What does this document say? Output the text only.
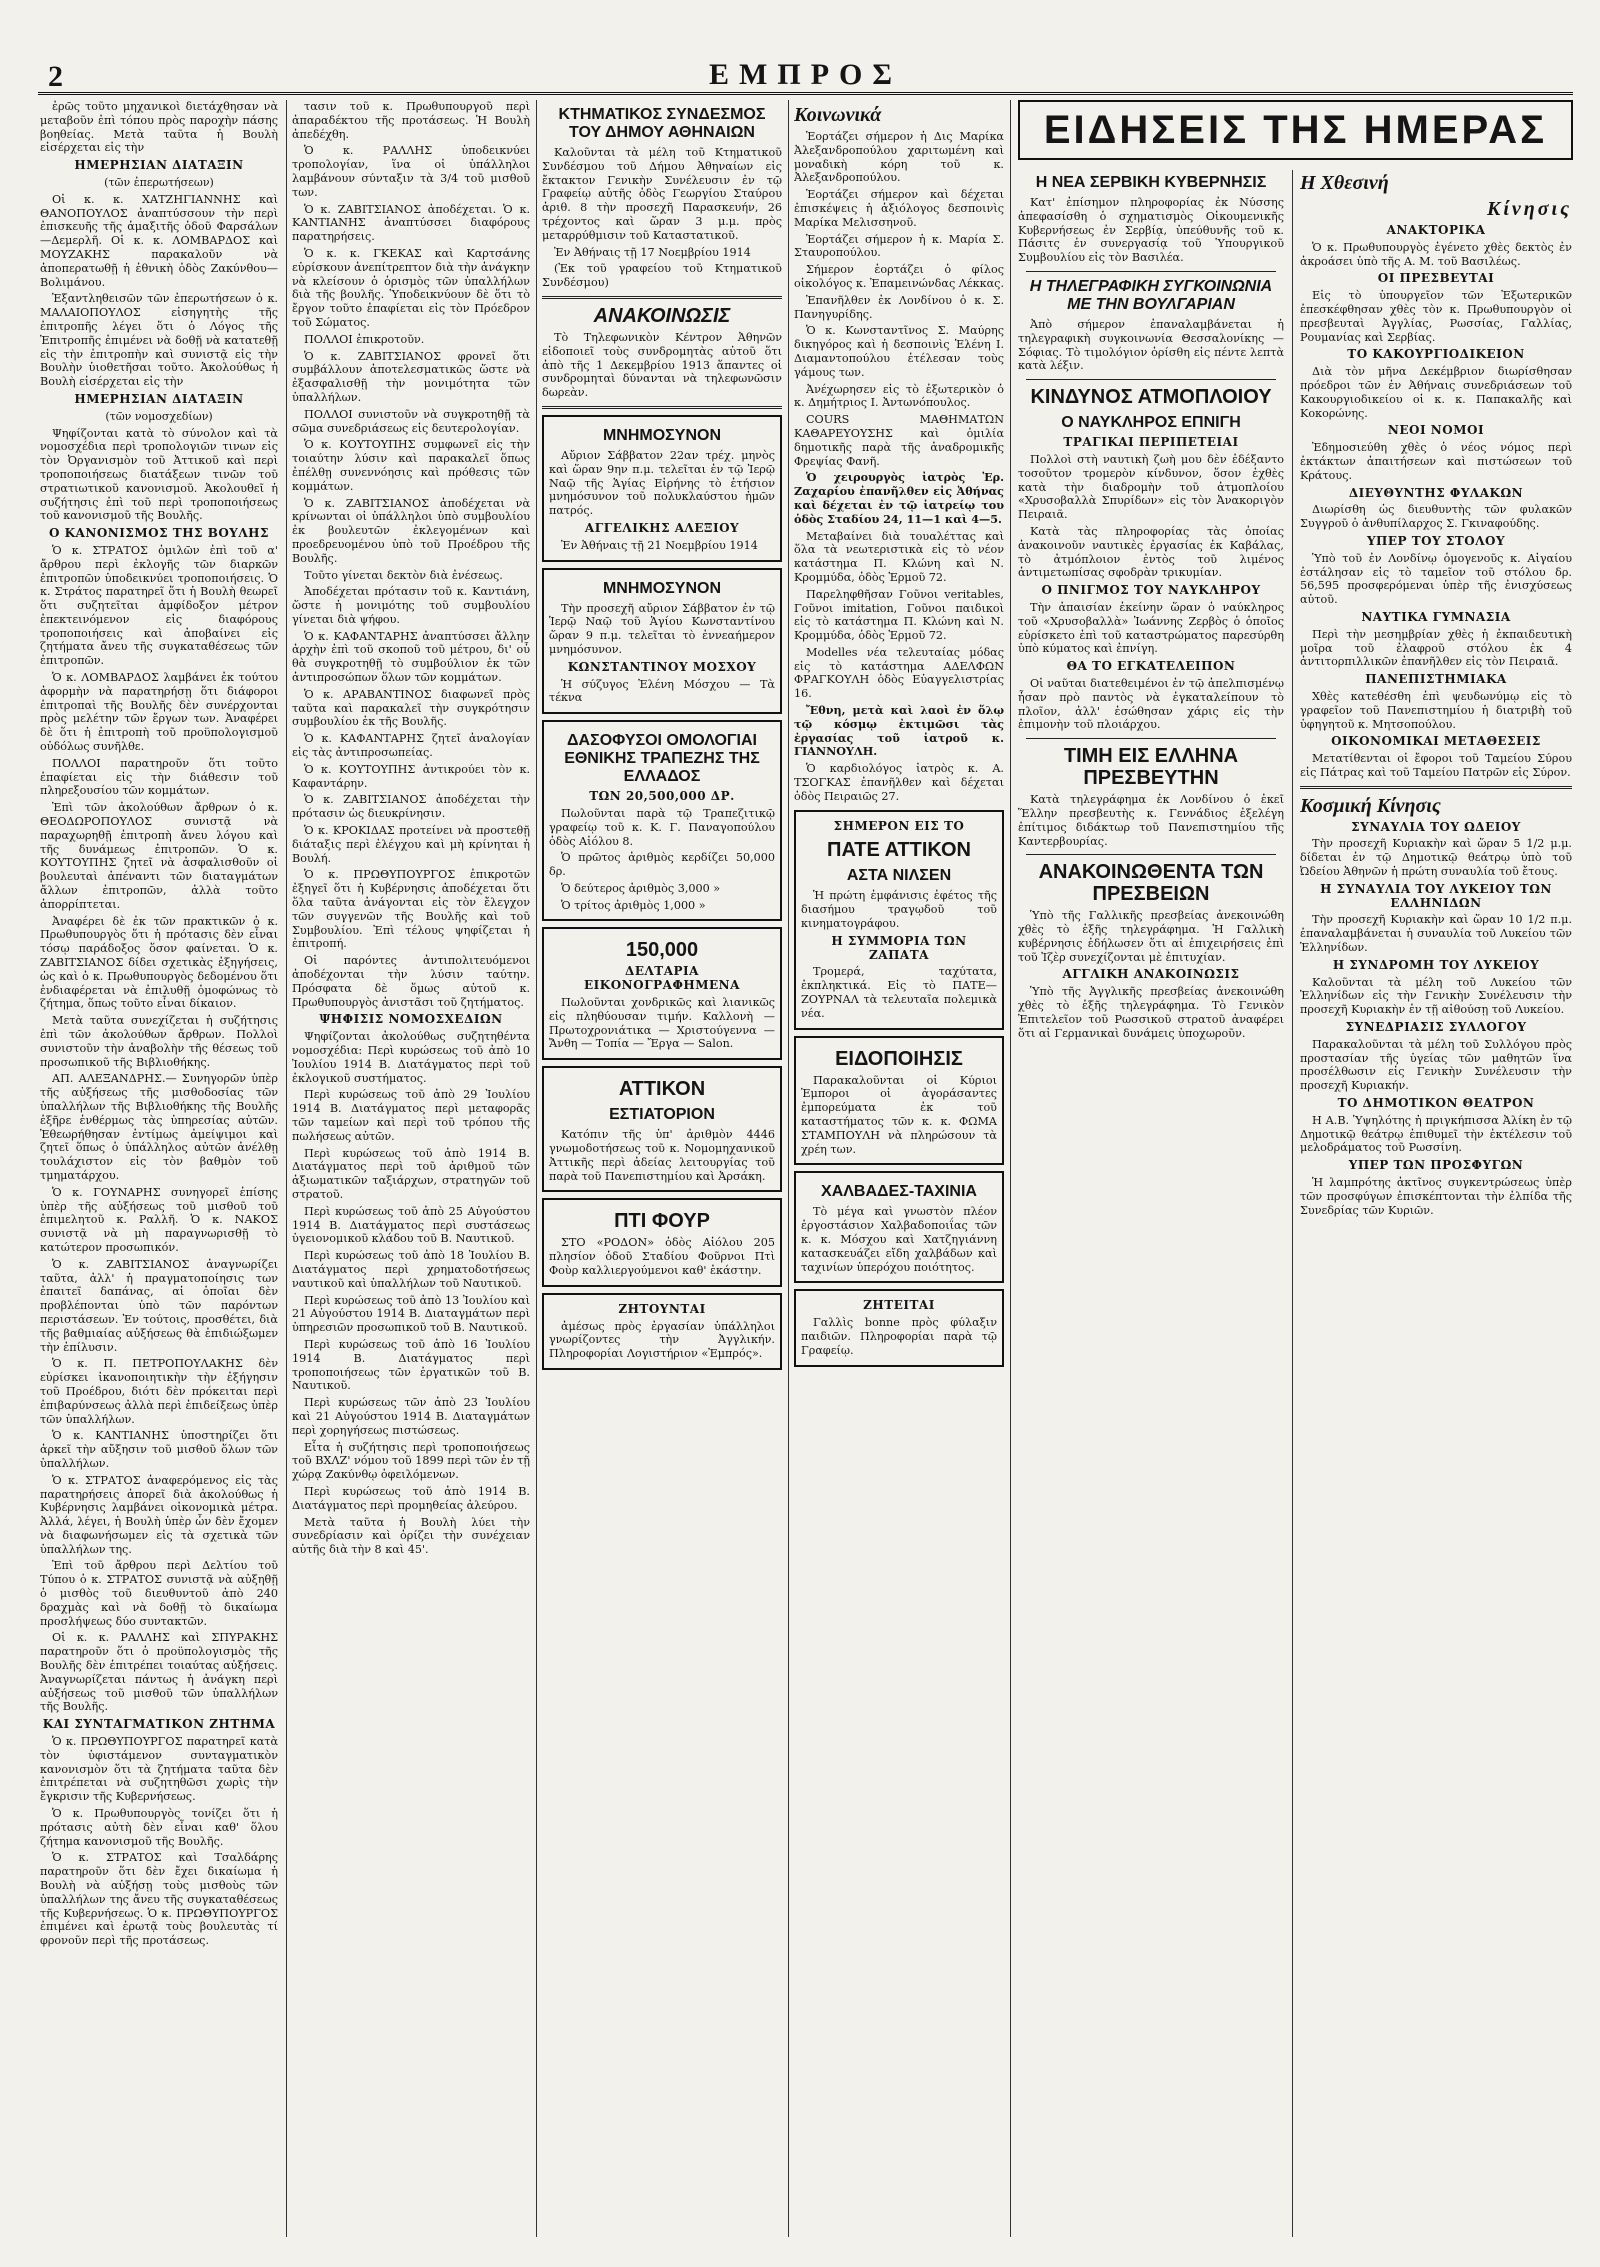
2	ΕΜΠΡΟΣ

ἐρῶς τοῦτο μηχανικοὶ διετάχθησαν νὰ μεταβοῦν ἐπὶ τόπου πρὸς παροχὴν πάσης βοηθείας. Μετὰ ταῦτα ἡ Βουλὴ εἰσέρχεται εἰς τὴν

ΗΜΕΡΗΣΙΑΝ ΔΙΑΤΑΞΙΝ
(τῶν ἐπερωτήσεων)

Οἱ κ. κ. ΧΑΤΖΗΓΙΑΝΝΗΣ καὶ ΘΑΝΟΠΟΥΛΟΣ ἀναπτύσσουν τὴν περὶ ἐπισκευῆς τῆς ἁμαξιτῆς ὁδοῦ Φαρσάλων—Δεμερλῆ. Οἱ κ. κ. ΛΟΜΒΑΡΔΟΣ καὶ ΜΟΥΖΑΚΗΣ παρακαλοῦν νὰ ἀποπερατωθῇ ἡ ἐθνικὴ ὁδὸς Ζακύνθου—Βολιμάνου.

Ἐξαντληθεισῶν τῶν ἐπερωτήσεων ὁ κ. ΜΑΛΑΙΟΠΟΥΛΟΣ εἰσηγητὴς τῆς ἐπιτροπῆς λέγει ὅτι ὁ Λόγος τῆς Ἐπιτροπῆς ἐπιμένει νὰ δοθῇ νὰ κατατεθῇ εἰς τὴν ἐπιτροπὴν καὶ συνιστᾷ εἰς τὴν Βουλὴν ὑιοθετῆσαι τοῦτο. Ἀκολούθως ἡ Βουλὴ εἰσέρχεται εἰς τὴν

ΗΜΕΡΗΣΙΑΝ ΔΙΑΤΑΞΙΝ
(τῶν νομοσχεδίων)

Ψηφίζονται κατὰ τὸ σύνολον καὶ τὰ νομοσχέδια περὶ τροπολογιῶν τινων εἰς τὸν Ὀργανισμὸν τοῦ Ἀττικοῦ καὶ περὶ τροποποιήσεως διατάξεων τινῶν τοῦ στρατιωτικοῦ κανονισμοῦ. Ἀκολουθεῖ ἡ συζήτησις ἐπὶ τοῦ περὶ τροποποιήσεως τοῦ κανονισμοῦ τῆς Βουλῆς.

Ο ΚΑΝΟΝΙΣΜΟΣ ΤΗΣ ΒΟΥΛΗΣ

Ὁ κ. ΣΤΡΑΤΟΣ ὁμιλῶν ἐπὶ τοῦ α' ἄρθρου περὶ ἐκλογῆς τῶν διαρκῶν ἐπιτροπῶν ὑποδεικνύει τροποποιήσεις. Ὁ κ. Στράτος παρατηρεῖ ὅτι ἡ Βουλὴ θεωρεῖ ὅτι συζητεῖται ἀμφίδοξον μέτρον ἐπεκτεινόμενον εἰς διαφόρους τροποποιήσεις καὶ ἀποβαίνει εἰς ζητήματα ἄνευ τῆς συγκαταθέσεως τῶν ἐπιτροπῶν.

Ὁ κ. ΛΟΜΒΑΡΔΟΣ λαμβάνει ἐκ τούτου ἀφορμὴν νὰ παρατηρήσῃ ὅτι διάφοροι ἐπιτροπαὶ τῆς Βουλῆς δὲν συνέρχονται πρὸς μελέτην τῶν ἔργων των. Ἀναφέρει δὲ ὅτι ἡ ἐπιτροπὴ τοῦ προϋπολογισμοῦ οὐδόλως συνῆλθε.

ΠΟΛΛΟΙ παρατηροῦν ὅτι τοῦτο ἐπαφίεται εἰς τὴν διάθεσιν τοῦ πληρεξουσίου τῶν κομμάτων.

Ἐπὶ τῶν ἀκολούθων ἄρθρων ὁ κ. ΘΕΟΔΩΡΟΠΟΥΛΟΣ συνιστᾷ νὰ παραχωρηθῇ ἐπιτροπὴ ἄνευ λόγου καὶ τῆς δυνάμεως ἐπιτροπῶν. Ὁ κ. ΚΟΥΤΟΥΠΗΣ ζητεῖ νὰ ἀσφαλισθοῦν οἱ βουλευταὶ ἀπέναντι τῶν διαταγμάτων ἄλλων ἐπιτροπῶν, ἀλλὰ τοῦτο ἀπορρίπτεται.

Ἀναφέρει δὲ ἐκ τῶν πρακτικῶν ὁ κ. Πρωθυπουργὸς ὅτι ἡ πρότασις δὲν εἶναι τόσῳ παράδοξος ὅσον φαίνεται. Ὁ κ. ΖΑΒΙΤΣΙΑΝΟΣ δίδει σχετικὰς ἐξηγήσεις, ὡς καὶ ὁ κ. Πρωθυπουργὸς δεδομένου ὅτι ἐνδιαφέρεται νὰ ἐπιλυθῇ ὁμοφώνως τὸ ζήτημα, ὅπως τοῦτο εἶναι δίκαιον.

Μετὰ ταῦτα συνεχίζεται ἡ συζήτησις ἐπὶ τῶν ἀκολούθων ἄρθρων. Πολλοὶ συνιστοῦν τὴν ἀναβολὴν τῆς θέσεως τοῦ προσωπικοῦ τῆς Βιβλιοθήκης.

ΑΠ. ΑΛΕΞΑΝΔΡΗΣ.— Συνηγορῶν ὑπὲρ τῆς αὐξήσεως τῆς μισθοδοσίας τῶν ὑπαλλήλων τῆς Βιβλιοθήκης τῆς Βουλῆς ἐξῆρε ἐνθέρμως τὰς ὑπηρεσίας αὐτῶν. Ἐθεωρήθησαν ἐντίμως ἀμείψιμοι καὶ ζητεῖ ὅπως ὁ ὑπάλληλος αὐτῶν ἀνέλθῃ τουλάχιστον εἰς τὸν βαθμὸν τοῦ τμηματάρχου.

Ὁ κ. ΓΟΥΝΑΡΗΣ συνηγορεῖ ἐπίσης ὑπὲρ τῆς αὐξήσεως τοῦ μισθοῦ τοῦ ἐπιμελητοῦ κ. Ραλλῆ. Ὁ κ. ΝΑΚΟΣ συνιστᾷ νὰ μὴ παραγνωρισθῇ τὸ κατώτερον προσωπικόν.

Ὁ κ. ΖΑΒΙΤΣΙΑΝΟΣ ἀναγνωρίζει ταῦτα, ἀλλ' ἡ πραγματοποίησις των ἐπαιτεῖ δαπάνας, αἱ ὁποῖαι δὲν προβλέπονται ὑπὸ τῶν παρόντων περιστάσεων. Ἐν τούτοις, προσθέτει, διὰ τῆς βαθμιαίας αὐξήσεως θὰ ἐπιδιώξωμεν τὴν ἐπίλυσιν.

Ὁ κ. Π. ΠΕΤΡΟΠΟΥΛΑΚΗΣ δὲν εὑρίσκει ἱκανοποιητικὴν τὴν ἐξήγησιν τοῦ Προέδρου, διότι δὲν πρόκειται περὶ ἐπιβαρύνσεως ἀλλὰ περὶ ἐπιδείξεως ὑπὲρ τῶν ὑπαλλήλων.

Ὁ κ. ΚΑΝΤΙΑΝΗΣ ὑποστηρίζει ὅτι ἀρκεῖ τὴν αὔξησιν τοῦ μισθοῦ ὅλων τῶν ὑπαλλήλων.

Ὁ κ. ΣΤΡΑΤΟΣ ἀναφερόμενος εἰς τὰς παρατηρήσεις ἀπορεῖ διὰ ἀκολούθως ἡ Κυβέρνησις λαμβάνει οἰκονομικὰ μέτρα. Ἀλλά, λέγει, ἡ Βουλὴ ὑπὲρ ὧν δὲν ἔχομεν νὰ διαφωνήσωμεν εἰς τὰ σχετικὰ τῶν ὑπαλλήλων της.

Ἐπὶ τοῦ ἄρθρου περὶ Δελτίου τοῦ Τύπου ὁ κ. ΣΤΡΑΤΟΣ συνιστᾷ νὰ αὐξηθῇ ὁ μισθὸς τοῦ διευθυντοῦ ἀπὸ 240 δραχμὰς καὶ νὰ δοθῇ τὸ δικαίωμα προσλήψεως δύο συντακτῶν.

Οἱ κ. κ. ΡΑΛΛΗΣ καὶ ΣΠΥΡΑΚΗΣ παρατηροῦν ὅτι ὁ προϋπολογισμὸς τῆς Βουλῆς δὲν ἐπιτρέπει τοιαύτας αὐξήσεις. Ἀναγνωρίζεται πάντως ἡ ἀνάγκη περὶ αὐξήσεως τοῦ μισθοῦ τῶν ὑπαλλήλων τῆς Βουλῆς.

ΚΑΙ ΣΥΝΤΑΓΜΑΤΙΚΟΝ ΖΗΤΗΜΑ

Ὁ κ. ΠΡΩΘΥΠΟΥΡΓΟΣ παρατηρεῖ κατὰ τὸν ὑφιστάμενον συνταγματικὸν κανονισμὸν ὅτι τὰ ζητήματα ταῦτα δὲν ἐπιτρέπεται νὰ συζητηθῶσι χωρὶς τὴν ἔγκρισιν τῆς Κυβερνήσεως.

Ὁ κ. Πρωθυπουργὸς τονίζει ὅτι ἡ πρότασις αὐτὴ δὲν εἶναι καθ' ὅλου ζήτημα κανονισμοῦ τῆς Βουλῆς.

Ὁ κ. ΣΤΡΑΤΟΣ καὶ Τσαλδάρης παρατηροῦν ὅτι δὲν ἔχει δικαίωμα ἡ Βουλὴ νὰ αὐξήσῃ τοὺς μισθοὺς τῶν ὑπαλλήλων της ἄνευ τῆς συγκαταθέσεως τῆς Κυβερνήσεως. Ὁ κ. ΠΡΩΘΥΠΟΥΡΓΟΣ ἐπιμένει καὶ ἐρωτᾷ τοὺς βουλευτὰς τί φρονοῦν περὶ τῆς προτάσεως.

τασιν τοῦ κ. Πρωθυπουργοῦ περὶ ἀπαραδέκτου τῆς προτάσεως. Ἡ Βουλὴ ἀπεδέχθη.

Ὁ κ. ΡΑΛΛΗΣ ὑποδεικνύει τροπολογίαν, ἵνα οἱ ὑπάλληλοι λαμβάνουν σύνταξιν τὰ 3/4 τοῦ μισθοῦ των.

Ὁ κ. ΖΑΒΙΤΣΙΑΝΟΣ ἀποδέχεται. Ὁ κ. ΚΑΝΤΙΑΝΗΣ ἀναπτύσσει διαφόρους παρατηρήσεις.

Ὁ κ. κ. ΓΚΕΚΑΣ καὶ Καρτσάνης εὑρίσκουν ἀνεπίτρεπτον διὰ τὴν ἀνάγκην νὰ κλείσουν ὁ ὁρισμὸς τῶν ὑπαλλήλων διὰ τῆς βουλῆς. Ὑποδεικνύουν δὲ ὅτι τὸ ἔργον τοῦτο ἐπαφίεται εἰς τὸν Πρόεδρον τοῦ Σώματος.

ΠΟΛΛΟΙ ἐπικροτοῦν.

Ὁ κ. ΖΑΒΙΤΣΙΑΝΟΣ φρονεῖ ὅτι συμβάλλουν ἀποτελεσματικῶς ὥστε νὰ ἐξασφαλισθῇ τὴν μονιμότητα τῶν ὑπαλλήλων.

ΠΟΛΛΟΙ συνιστοῦν νὰ συγκροτηθῇ τὰ σῶμα συνεδριάσεως εἰς δευτερολογίαν.

Ὁ κ. ΚΟΥΤΟΥΠΗΣ συμφωνεῖ εἰς τὴν τοιαύτην λύσιν καὶ παρακαλεῖ ὅπως ἐπέλθῃ συνεννόησις καὶ πρόθεσις τῶν κομμάτων.

Ὁ κ. ΖΑΒΙΤΣΙΑΝΟΣ ἀποδέχεται νὰ κρίνωνται οἱ ὑπάλληλοι ὑπὸ συμβουλίου ἐκ βουλευτῶν ἐκλεγομένων καὶ προεδρευομένου ὑπὸ τοῦ Προέδρου τῆς Βουλῆς.

Τοῦτο γίνεται δεκτὸν διὰ ἐνέσεως.

Ἀποδέχεται πρότασιν τοῦ κ. Καντιάνη, ὥστε ἡ μονιμότης τοῦ συμβουλίου γίνεται διὰ ψήφου.

Ὁ κ. ΚΑΦΑΝΤΑΡΗΣ ἀναπτύσσει ἄλλην ἀρχὴν ἐπὶ τοῦ σκοποῦ τοῦ μέτρου, δι' οὗ θὰ συγκροτηθῇ τὸ συμβούλιον ἐκ τῶν ἀντιπροσώπων ὅλων τῶν κομμάτων.

Ὁ κ. ΑΡΑΒΑΝΤΙΝΟΣ διαφωνεῖ πρὸς ταῦτα καὶ παρακαλεῖ τὴν συγκρότησιν συμβουλίου ἐκ τῆς Βουλῆς.

Ὁ κ. ΚΑΦΑΝΤΑΡΗΣ ζητεῖ ἀναλογίαν εἰς τὰς ἀντιπροσωπείας.

Ὁ κ. ΚΟΥΤΟΥΠΗΣ ἀντικρούει τὸν κ. Καφαντάρην.

Ὁ κ. ΖΑΒΙΤΣΙΑΝΟΣ ἀποδέχεται τὴν πρότασιν ὡς διευκρίνησιν.

Ὁ κ. ΚΡΟΚΙΔΑΣ προτείνει νὰ προστεθῇ διάταξις περὶ ἐλέγχου καὶ μὴ κρίνηται ἡ Βουλή.

Ὁ κ. ΠΡΩΘΥΠΟΥΡΓΟΣ ἐπικροτῶν ἐξηγεῖ ὅτι ἡ Κυβέρνησις ἀποδέχεται ὅτι ὅλα ταῦτα ἀνάγονται εἰς τὸν ἔλεγχον τῶν συγγενῶν τῆς Βουλῆς καὶ τοῦ Συμβουλίου. Ἐπὶ τέλους ψηφίζεται ἡ ἐπιτροπή.

Οἱ παρόντες ἀντιπολιτευόμενοι ἀποδέχονται τὴν λύσιν ταύτην. Πρόσφατα δὲ ὅμως αὐτοῦ κ. Πρωθυπουργὸς ἀνιστᾶσι τοῦ ζητήματος.

ΨΗΦΙΣΙΣ ΝΟΜΟΣΧΕΔΙΩΝ

Ψηφίζονται ἀκολούθως συζητηθέντα νομοσχέδια: Περὶ κυρώσεως τοῦ ἀπὸ 10 Ἰουλίου 1914 Β. Διατάγματος περὶ τοῦ ἐκλογικοῦ συστήματος.

Περὶ κυρώσεως τοῦ ἀπὸ 29 Ἰουλίου 1914 Β. Διατάγματος περὶ μεταφορᾶς τῶν ταμείων καὶ περὶ τοῦ τρόπου τῆς πωλήσεως αὐτῶν.

Περὶ κυρώσεως τοῦ ἀπὸ 1914 Β. Διατάγματος περὶ τοῦ ἀριθμοῦ τῶν ἀξιωματικῶν ταξιάρχων, στρατηγῶν τοῦ στρατοῦ.

Περὶ κυρώσεως τοῦ ἀπὸ 25 Αὐγούστου 1914 Β. Διατάγματος περὶ συστάσεως ὑγειονομικοῦ κλάδου τοῦ Β. Ναυτικοῦ.

Περὶ κυρώσεως τοῦ ἀπὸ 18 Ἰουλίου Β. Διατάγματος περὶ χρηματοδοτήσεως ναυτικοῦ καὶ ὑπαλλήλων τοῦ Ναυτικοῦ.

Περὶ κυρώσεως τοῦ ἀπὸ 13 Ἰουλίου καὶ 21 Αὐγούστου 1914 Β. Διαταγμάτων περὶ ὑπηρεσιῶν προσωπικοῦ τοῦ Β. Ναυτικοῦ.

Περὶ κυρώσεως τοῦ ἀπὸ 16 Ἰουλίου 1914 Β. Διατάγματος περὶ τροποποιήσεως τῶν ἐργατικῶν τοῦ Β. Ναυτικοῦ.

Περὶ κυρώσεως τῶν ἀπὸ 23 Ἰουλίου καὶ 21 Αὐγούστου 1914 Β. Διαταγμάτων περὶ χορηγήσεως πιστώσεως.

Εἶτα ἡ συζήτησις περὶ τροποποιήσεως τοῦ ΒΧΛΖ' νόμου τοῦ 1899 περὶ τῶν ἐν τῇ χώρᾳ Ζακύνθῳ ὀφειλόμενων.

Περὶ κυρώσεως τοῦ ἀπὸ 1914 Β. Διατάγματος περὶ προμηθείας ἀλεύρου.

Μετὰ ταῦτα ἡ Βουλὴ λύει τὴν συνεδρίασιν καὶ ὁρίζει τὴν συνέχειαν αὐτῆς διὰ τὴν 8 καὶ 45'.

ΚΤΗΜΑΤΙΚΟΣ ΣΥΝΔΕΣΜΟΣ ΤΟΥ ΔΗΜΟΥ ΑΘΗΝΑΙΩΝ

Καλοῦνται τὰ μέλη τοῦ Κτηματικοῦ Συνδέσμου τοῦ Δήμου Ἀθηναίων εἰς ἔκτακτον Γενικὴν Συνέλευσιν ἐν τῷ Γραφείῳ αὐτῆς ὁδὸς Γεωργίου Σταύρου ἀριθ. 8 τὴν προσεχῆ Παρασκευήν, 26 τρέχοντος καὶ ὥραν 3 μ.μ. πρὸς μεταρρύθμισιν τοῦ Καταστατικοῦ.

Ἐν Ἀθήναις τῇ 17 Νοεμβρίου 1914

(Ἐκ τοῦ γραφείου τοῦ Κτηματικοῦ Συνδέσμου)

ΑΝΑΚΟΙΝΩΣΙΣ

Τὸ Τηλεφωνικὸν Κέντρον Ἀθηνῶν εἰδοποιεῖ τοὺς συνδρομητὰς αὐτοῦ ὅτι ἀπὸ τῆς 1 Δεκεμβρίου 1913 ἅπαντες οἱ συνδρομηταὶ δύνανται νὰ τηλεφωνῶσιν δωρεὰν.

ΜΝΗΜΟΣΥΝΟΝ

Αὔριον Σάββατον 22αν τρέχ. μηνὸς καὶ ὥραν 9ην π.μ. τελεῖται ἐν τῷ Ἱερῷ Ναῷ τῆς Ἁγίας Εἰρήνης τὸ ἐτήσιον μνημόσυνον τοῦ πολυκλαύστου ἡμῶν πατρός.

ΑΓΓΕΛΙΚΗΣ ΑΛΕΞΙΟΥ

Ἐν Ἀθήναις τῇ 21 Νοεμβρίου 1914

ΜΝΗΜΟΣΥΝΟΝ

Τὴν προσεχῆ αὔριον Σάββατον ἐν τῷ Ἱερῷ Ναῷ τοῦ Ἁγίου Κωνσταντίνου ὥραν 9 π.μ. τελεῖται τὸ ἐννεαήμερον μνημόσυνον.

ΚΩΝΣΤΑΝΤΙΝΟΥ ΜΟΣΧΟΥ

Ἡ σύζυγος Ἑλένη Μόσχου — Τὰ τέκνα

ΔΑΣΟΦΥΣΟΙ ΟΜΟΛΟΓΙΑΙ ΕΘΝΙΚΗΣ ΤΡΑΠΕΖΗΣ ΤΗΣ ΕΛΛΑΔΟΣ
ΤΩΝ 20,500,000 ΔΡ.

Πωλοῦνται παρὰ τῷ Τραπεζιτικῷ γραφείῳ τοῦ κ. Κ. Γ. Παναγοπούλου ὁδὸς Αἰόλου 8.

Ὁ πρῶτος ἀριθμὸς κερδίζει 50,000 δρ.

Ὁ δεύτερος ἀριθμὸς 3,000 »

Ὁ τρίτος ἀριθμὸς 1,000 »

150,000
ΔΕΛΤΑΡΙΑ ΕΙΚΟΝΟΓΡΑΦΗΜΕΝΑ

Πωλοῦνται χονδρικῶς καὶ λιανικῶς εἰς πληθύουσαν τιμήν. Καλλονὴ — Πρωτοχρονιάτικα — Χριστούγεννα — Ἄνθη — Τοπία — Ἔργα — Salon.

ΑΤΤΙΚΟΝ
ΕΣΤΙΑΤΟΡΙΟΝ

Κατόπιν τῆς ὑπ' ἀριθμὸν 4446 γνωμοδοτήσεως τοῦ κ. Νομομηχανικοῦ Ἀττικῆς περὶ ἀδείας λειτουργίας τοῦ παρὰ τοῦ Πανεπιστημίου καὶ Ἀρσάκη.

ΠΤΙ ΦΟΥΡ

ΣΤΟ «ΡΟΔΟΝ» ὁδὸς Αἰόλου 205 πλησίον ὁδοῦ Σταδίου Φοῦρνοι Πτὶ Φοὺρ καλλιεργούμενοι καθ' ἑκάστην.

ΖΗΤΟΥΝΤΑΙ

ἀμέσως πρὸς ἐργασίαν ὑπάλληλοι γνωρίζοντες τὴν Ἀγγλικήν. Πληροφορίαι Λογιστήριον «Ἐμπρός».

Κοινωνικά

Ἑορτάζει σήμερον ἡ Δις Μαρίκα Ἀλεξανδροπούλου χαριτωμένη καὶ μοναδικὴ κόρη τοῦ κ. Ἀλεξανδροπούλου.

Ἑορτάζει σήμερον καὶ δέχεται ἐπισκέψεις ἡ ἀξιόλογος δεσποινὶς Μαρίκα Μελισσηνοῦ.

Ἑορτάζει σήμερον ἡ κ. Μαρία Σ. Σταυροπούλου.

Σήμερον ἑορτάζει ὁ φίλος οἰκολόγος κ. Ἐπαμεινώνδας Λέκκας.

Ἐπανῆλθεν ἐκ Λονδίνου ὁ κ. Σ. Πανηγυρίδης.

Ὁ κ. Κωνσταντῖνος Σ. Μαύρης δικηγόρος καὶ ἡ δεσποινὶς Ἑλένη Ι. Διαμαντοπούλου ἐτέλεσαν τοὺς γάμους των.

Ἀνέχωρησεν εἰς τὸ ἐξωτερικὸν ὁ κ. Δημήτριος Ι. Ἀντωνόπουλος.

COURS ΜΑΘΗΜΑΤΩΝ ΚΑΘΑΡΕΥΟΥΣΗΣ καὶ ὁμιλία δημοτικῆς παρὰ τῆς ἀναδρομικῆς Φρεψίας Φανῆ.

Ὁ χειρουργὸς ἰατρὸς Ἐρ. Ζαχαρίου ἐπανῆλθεν εἰς Ἀθήνας καὶ δέχεται ἐν τῷ ἰατρείῳ του ὁδὸς Σταδίου 24, 11—1 καὶ 4—5.

Μεταβαίνει διὰ τουαλέττας καὶ ὅλα τὰ νεωτεριστικὰ εἰς τὸ νέον κατάστημα Π. Κλώνη καὶ Ν. Κρομμύδα, ὁδὸς Ἑρμοῦ 72.

Παρεληφθῆσαν Γοῦνοι veritables, Γοῦνοι imitation, Γοῦνοι παιδικοὶ εἰς τὸ κατάστημα Π. Κλώνη καὶ Ν. Κρομμύδα, ὁδὸς Ἑρμοῦ 72.

Modelles νέα τελευταίας μόδας εἰς τὸ κατάστημα ΑΔΕΛΦΩΝ ΦΡΑΓΚΟΥΛΗ ὁδὸς Εὐαγγελιστρίας 16.

Ἔθνη, μετὰ καὶ λαοὶ ἐν ὅλῳ τῷ κόσμῳ ἐκτιμῶσι τὰς ἐργασίας τοῦ ἰατροῦ κ. ΓΙΑΝΝΟΥΛΗ.

Ὁ καρδιολόγος ἰατρὸς κ. Α. ΤΣΟΓΚΑΣ ἐπανῆλθεν καὶ δέχεται ὁδὸς Πειραιῶς 27.

ΣΗΜΕΡΟΝ ΕΙΣ ΤΟ
ΠΑΤΕ ΑΤΤΙΚΟΝ
ΑΣΤΑ ΝΙΛΣΕΝ

Ἡ πρώτη ἐμφάνισις ἐφέτος τῆς διασήμου τραγῳδοῦ τοῦ κινηματογράφου.

Η ΣΥΜΜΟΡΙΑ ΤΩΝ ΖΑΠΑΤΑ

Τρομερά, ταχύτατα, ἐκπληκτικά. Εἰς τὸ ΠΑΤΕ—ΖΟΥΡΝΑΛ τὰ τελευταῖα πολεμικὰ νέα.

ΕΙΔΟΠΟΙΗΣΙΣ

Παρακαλοῦνται οἱ Κύριοι Ἐμποροι οἱ ἀγοράσαντες ἐμπορεύματα ἐκ τοῦ καταστήματος τῶν κ. κ. ΦΩΜΑ ΣΤΑΜΠΟΥΛΗ νὰ πληρώσουν τὰ χρέη των.

ΧΑΛΒΑΔΕΣ-ΤΑΧΙΝΙΑ

Τὸ μέγα καὶ γνωστὸν πλέον ἐργοστάσιον Χαλβαδοποιΐας τῶν κ. κ. Μόσχου καὶ Χατζηγιάννη κατασκευάζει εἴδη χαλβάδων καὶ ταχινίων ὑπερόχου ποιότητος.

ΖΗΤΕΙΤΑΙ

Γαλλὶς bonne πρὸς φύλαξιν παιδιῶν. Πληροφορίαι παρὰ τῷ Γραφείῳ.

ΕΙΔΗΣΕΙΣ ΤΗΣ ΗΜΕΡΑΣ
Η ΝΕΑ ΣΕΡΒΙΚΗ ΚΥΒΕΡΝΗΣΙΣ

Κατ' ἐπίσημον πληροφορίας ἐκ Νύσσης ἀπεφασίσθη ὁ σχηματισμὸς Οἰκουμενικῆς Κυβερνήσεως ἐν Σερβίᾳ, ὑπεύθυνῆς τοῦ κ. Πάσιτς ἐν συνεργασίᾳ τοῦ Ὑπουργικοῦ Συμβουλίου εἰς τὸν Βασιλέα.

Η ΤΗΛΕΓΡΑΦΙΚΗ ΣΥΓΚΟΙΝΩΝΙΑ ΜΕ ΤΗΝ ΒΟΥΛΓΑΡΙΑΝ

Ἀπὸ σήμερον ἐπαναλαμβάνεται ἡ τηλεγραφικὴ συγκοινωνία Θεσσαλονίκης — Σόφιας. Τὸ τιμολόγιον ὁρίσθη εἰς πέντε λεπτὰ κατὰ λέξιν.

ΚΙΝΔΥΝΟΣ ΑΤΜΟΠΛΟΙΟΥ
Ο ΝΑΥΚΛΗΡΟΣ ΕΠΝΙΓΗ
ΤΡΑΓΙΚΑΙ ΠΕΡΙΠΕΤΕΙΑΙ

Πολλοὶ στὴ ναυτικὴ ζωὴ μου δὲν ἐδέξαντο τοσοῦτον τρομερὸν κίνδυνον, ὅσον ἐχθὲς κατὰ τὴν διαδρομὴν τοῦ ἀτμοπλοίου «Χρυσοβαλλὰ Σπυρίδων» εἰς τὸν Ἀνακοριγὸν Πειραιᾶ.

Κατὰ τὰς πληροφορίας τὰς ὁποίας ἀνακοινοῦν ναυτικὲς ἐργασίας ἐκ Καβάλας, τὸ ἀτμόπλοιον ἐντὸς τοῦ λιμένος ἀντιμετωπίσας σφοδρὰν τρικυμίαν.

Ο ΠΝΙΓΜΟΣ ΤΟΥ ΝΑΥΚΛΗΡΟΥ

Τὴν ἀπαισίαν ἐκείνην ὥραν ὁ ναύκληρος τοῦ «Χρυσοβαλλὰ» Ἰωάννης Ζερβὸς ὁ ὁποῖος εὑρίσκετο ἐπὶ τοῦ καταστρώματος παρεσύρθη ὑπὸ κύματος καὶ ἐπνίγη.

ΘΑ ΤΟ ΕΓΚΑΤΕΛΕΙΠΟΝ

Οἱ ναῦται διατεθειμένοι ἐν τῷ ἀπελπισμένῳ ἦσαν πρὸ παντὸς νὰ ἐγκαταλείπουν τὸ πλοῖον, ἀλλ' ἐσώθησαν χάρις εἰς τὴν ἐπιμονὴν τοῦ πλοιάρχου.

ΤΙΜΗ ΕΙΣ ΕΛΛΗΝΑ ΠΡΕΣΒΕΥΤΗΝ

Κατὰ τηλεγράφημα ἐκ Λονδίνου ὁ ἐκεῖ Ἕλλην πρεσβευτὴς κ. Γεννάδιος ἐξελέγη ἐπίτιμος διδάκτωρ τοῦ Πανεπιστημίου τῆς Καντερβουρίας.

ΑΝΑΚΟΙΝΩΘΕΝΤΑ ΤΩΝ ΠΡΕΣΒΕΙΩΝ

Ὑπὸ τῆς Γαλλικῆς πρεσβείας ἀνεκοινώθη χθὲς τὸ ἑξῆς τηλεγράφημα. Ἡ Γαλλικὴ κυβέρνησις ἐδήλωσεν ὅτι αἱ ἐπιχειρήσεις ἐπὶ τοῦ Ἰζὲρ συνεχίζονται μὲ ἐπιτυχίαν.

ΑΓΓΛΙΚΗ ΑΝΑΚΟΙΝΩΣΙΣ

Ὑπὸ τῆς Ἀγγλικῆς πρεσβείας ἀνεκοινώθη χθὲς τὸ ἑξῆς τηλεγράφημα. Τὸ Γενικὸν Ἐπιτελεῖον τοῦ Ρωσσικοῦ στρατοῦ ἀναφέρει ὅτι αἱ Γερμανικαὶ δυνάμεις ὑποχωροῦν.

Η Χθεσινή
Κίνησις
ΑΝΑΚΤΟΡΙΚΑ

Ὁ κ. Πρωθυπουργὸς ἐγένετο χθὲς δεκτὸς ἐν ἀκροάσει ὑπὸ τῆς Α. Μ. τοῦ Βασιλέως.

ΟΙ ΠΡΕΣΒΕΥΤΑΙ

Εἰς τὸ ὑπουργεῖον τῶν Ἐξωτερικῶν ἐπεσκέφθησαν χθὲς τὸν κ. Πρωθυπουργὸν οἱ πρεσβευταὶ Ἀγγλίας, Ρωσσίας, Γαλλίας, Ρουμανίας καὶ Σερβίας.

ΤΟ ΚΑΚΟΥΡΓΙΟΔΙΚΕΙΟΝ

Διὰ τὸν μῆνα Δεκέμβριον διωρίσθησαν πρόεδροι τῶν ἐν Ἀθήναις συνεδριάσεων τοῦ Κακουργιοδικείου οἱ κ. κ. Παπακαλῆς καὶ Κοκορώνης.

ΝΕΟΙ ΝΟΜΟΙ

Ἐδημοσιεύθη χθὲς ὁ νέος νόμος περὶ ἐκτάκτων ἀπαιτήσεων καὶ πιστώσεων τοῦ Κράτους.

ΔΙΕΥΘΥΝΤΗΣ ΦΥΛΑΚΩΝ

Διωρίσθη ὡς διευθυντὴς τῶν φυλακῶν Συγγροῦ ὁ ἀνθυπίλαρχος Σ. Γκιναφούδης.

ΥΠΕΡ ΤΟΥ ΣΤΟΛΟΥ

Ὑπὸ τοῦ ἐν Λονδίνῳ ὁμογενοῦς κ. Αἰγαίου ἐστάλησαν εἰς τὸ ταμεῖον τοῦ στόλου δρ. 56,595 προσφερόμεναι ὑπὲρ τῆς ἐνισχύσεως αὐτοῦ.

ΝΑΥΤΙΚΑ ΓΥΜΝΑΣΙΑ

Περὶ τὴν μεσημβρίαν χθὲς ἡ ἐκπαιδευτικὴ μοῖρα τοῦ ἐλαφροῦ στόλου ἐκ 4 ἀντιτορπιλλικῶν ἐπανῆλθεν εἰς τὸν Πειραιᾶ.

ΠΑΝΕΠΙΣΤΗΜΙΑΚΑ

Χθὲς κατεθέσθη ἐπὶ ψευδωνύμῳ εἰς τὸ γραφεῖον τοῦ Πανεπιστημίου ἡ διατριβὴ τοῦ ὑφηγητοῦ κ. Μητσοπούλου.

ΟΙΚΟΝΟΜΙΚΑΙ ΜΕΤΑΘΕΣΕΙΣ

Μετατίθενται οἱ ἔφοροι τοῦ Ταμείου Σύρου εἰς Πάτρας καὶ τοῦ Ταμείου Πατρῶν εἰς Σύρον.

Κοσμική Κίνησις
ΣΥΝΑΥΛΙΑ ΤΟΥ ΩΔΕΙΟΥ

Τὴν προσεχῆ Κυριακὴν καὶ ὥραν 5 1/2 μ.μ. δίδεται ἐν τῷ Δημοτικῷ θεάτρῳ ὑπὸ τοῦ Ὠδείου Ἀθηνῶν ἡ πρώτη συναυλία τοῦ ἔτους.

Η ΣΥΝΑΥΛΙΑ ΤΟΥ ΛΥΚΕΙΟΥ ΤΩΝ ΕΛΛΗΝΙΔΩΝ

Τὴν προσεχῆ Κυριακὴν καὶ ὥραν 10 1/2 π.μ. ἐπαναλαμβάνεται ἡ συναυλία τοῦ Λυκείου τῶν Ἑλληνίδων.

Η ΣΥΝΔΡΟΜΗ ΤΟΥ ΛΥΚΕΙΟΥ

Καλοῦνται τὰ μέλη τοῦ Λυκείου τῶν Ἑλληνίδων εἰς τὴν Γενικὴν Συνέλευσιν τὴν προσεχῆ Κυριακὴν ἐν τῇ αἰθούσῃ τοῦ Λυκείου.

ΣΥΝΕΔΡΙΑΣΙΣ ΣΥΛΛΟΓΟΥ

Παρακαλοῦνται τὰ μέλη τοῦ Συλλόγου πρὸς προστασίαν τῆς ὑγείας τῶν μαθητῶν ἵνα προσέλθωσιν εἰς Γενικὴν Συνέλευσιν τὴν προσεχῆ Κυριακήν.

ΤΟ ΔΗΜΟΤΙΚΟΝ ΘΕΑΤΡΟΝ

Η Α.Β. Ὑψηλότης ἡ πριγκήπισσα Ἀλίκη ἐν τῷ Δημοτικῷ θεάτρῳ ἐπιθυμεῖ τὴν ἐκτέλεσιν τοῦ μελοδράματος τοῦ Ρωσσίνη.

ΥΠΕΡ ΤΩΝ ΠΡΟΣΦΥΓΩΝ

Ἡ λαμπρότης ἀκτῖνος συγκεντρώσεως ὑπὲρ τῶν προσφύγων ἐπισκέπτονται τὴν ἐλπίδα τῆς Συνεδρίας τῶν Κυριῶν.
